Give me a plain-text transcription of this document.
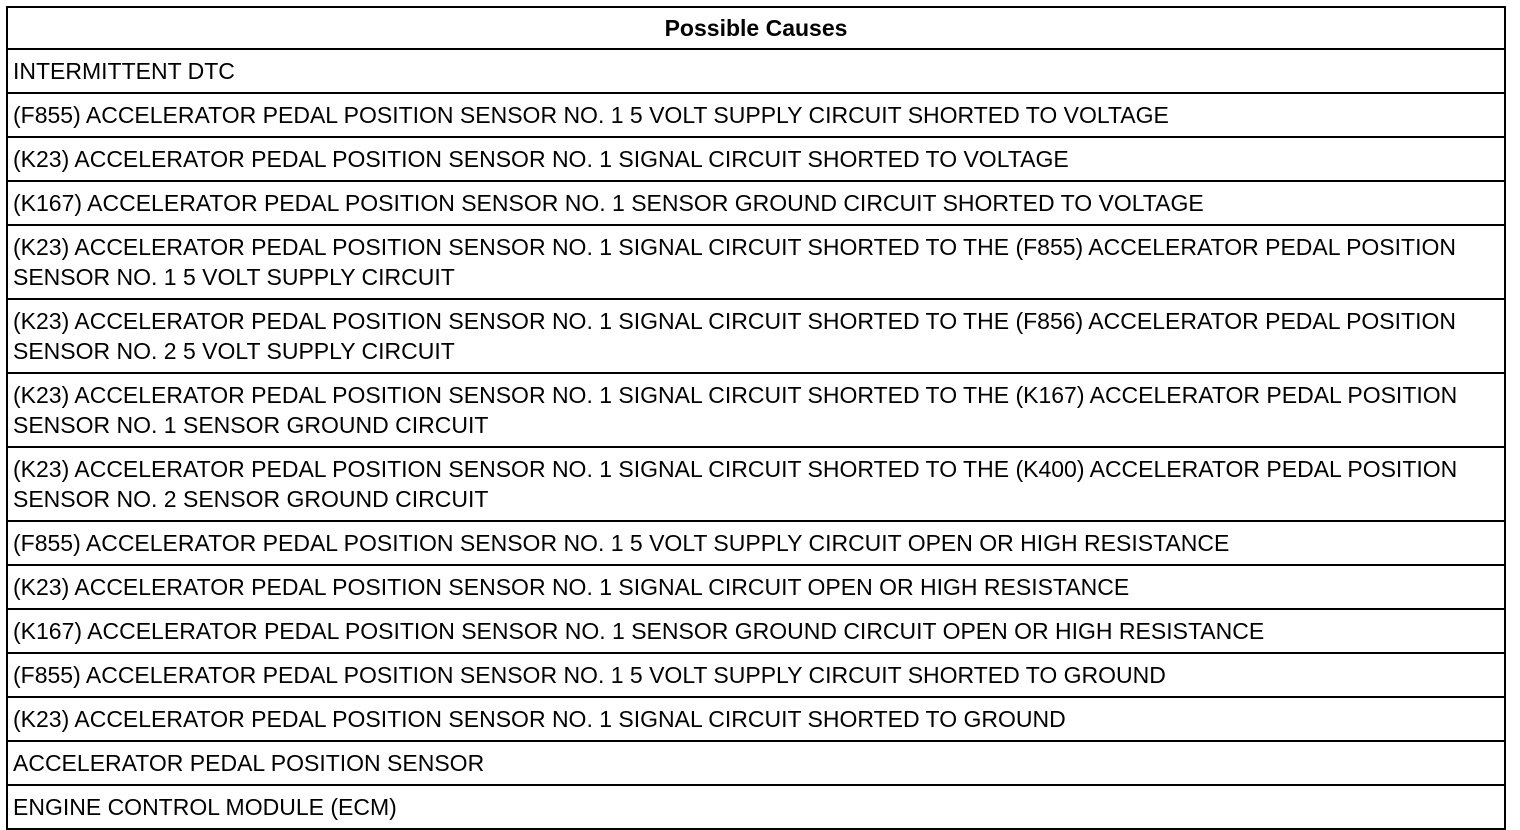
Possible Causes
INTERMITTENT DTC
(F855) ACCELERATOR PEDAL POSITION SENSOR NO. 1 5 VOLT SUPPLY CIRCUIT SHORTED TO VOLTAGE
(K23) ACCELERATOR PEDAL POSITION SENSOR NO. 1 SIGNAL CIRCUIT SHORTED TO VOLTAGE
(K167) ACCELERATOR PEDAL POSITION SENSOR NO. 1 SENSOR GROUND CIRCUIT SHORTED TO VOLTAGE
(K23) ACCELERATOR PEDAL POSITION SENSOR NO. 1 SIGNAL CIRCUIT SHORTED TO THE (F855) ACCELERATOR PEDAL POSITION SENSOR NO. 1 5 VOLT SUPPLY CIRCUIT
(K23) ACCELERATOR PEDAL POSITION SENSOR NO. 1 SIGNAL CIRCUIT SHORTED TO THE (F856) ACCELERATOR PEDAL POSITION SENSOR NO. 2 5 VOLT SUPPLY CIRCUIT
(K23) ACCELERATOR PEDAL POSITION SENSOR NO. 1 SIGNAL CIRCUIT SHORTED TO THE (K167) ACCELERATOR PEDAL POSITION SENSOR NO. 1 SENSOR GROUND CIRCUIT
(K23) ACCELERATOR PEDAL POSITION SENSOR NO. 1 SIGNAL CIRCUIT SHORTED TO THE (K400) ACCELERATOR PEDAL POSITION SENSOR NO. 2 SENSOR GROUND CIRCUIT
(F855) ACCELERATOR PEDAL POSITION SENSOR NO. 1 5 VOLT SUPPLY CIRCUIT OPEN OR HIGH RESISTANCE
(K23) ACCELERATOR PEDAL POSITION SENSOR NO. 1 SIGNAL CIRCUIT OPEN OR HIGH RESISTANCE
(K167) ACCELERATOR PEDAL POSITION SENSOR NO. 1 SENSOR GROUND CIRCUIT OPEN OR HIGH RESISTANCE
(F855) ACCELERATOR PEDAL POSITION SENSOR NO. 1 5 VOLT SUPPLY CIRCUIT SHORTED TO GROUND
(K23) ACCELERATOR PEDAL POSITION SENSOR NO. 1 SIGNAL CIRCUIT SHORTED TO GROUND
ACCELERATOR PEDAL POSITION SENSOR
ENGINE CONTROL MODULE (ECM)
